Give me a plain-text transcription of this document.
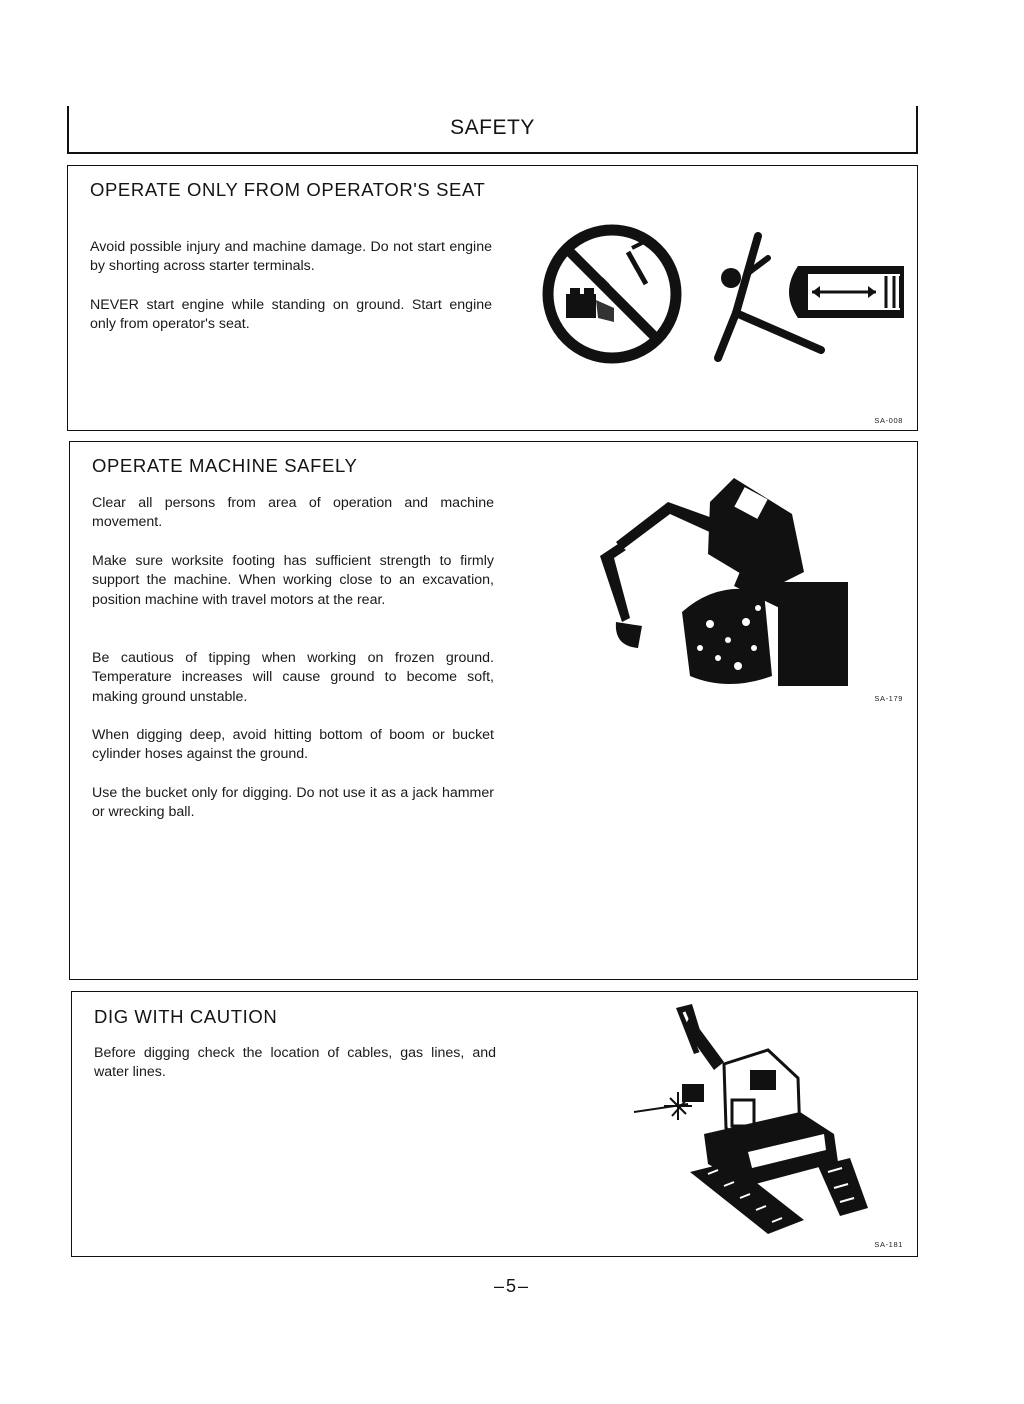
SAFETY
OPERATE ONLY FROM OPERATOR'S SEAT

Avoid possible injury and machine damage. Do not start engine by shorting across starter terminals.

NEVER start engine while standing on ground. Start engine only from operator's seat.

SA-008
OPERATE MACHINE SAFELY

Clear all persons from area of operation and machine movement.

Make sure worksite footing has sufficient strength to firmly support the machine. When working close to an excavation, position machine with travel motors at the rear.

Be cautious of tipping when working on frozen ground. Temperature increases will cause ground to become soft, making ground unstable.

When digging deep, avoid hitting bottom of boom or bucket cylinder hoses against the ground.

Use the bucket only for digging. Do not use it as a jack hammer or wrecking ball.

SA-179
DIG WITH CAUTION

Before digging check the location of cables, gas lines, and water lines.

SA-181
–5–
